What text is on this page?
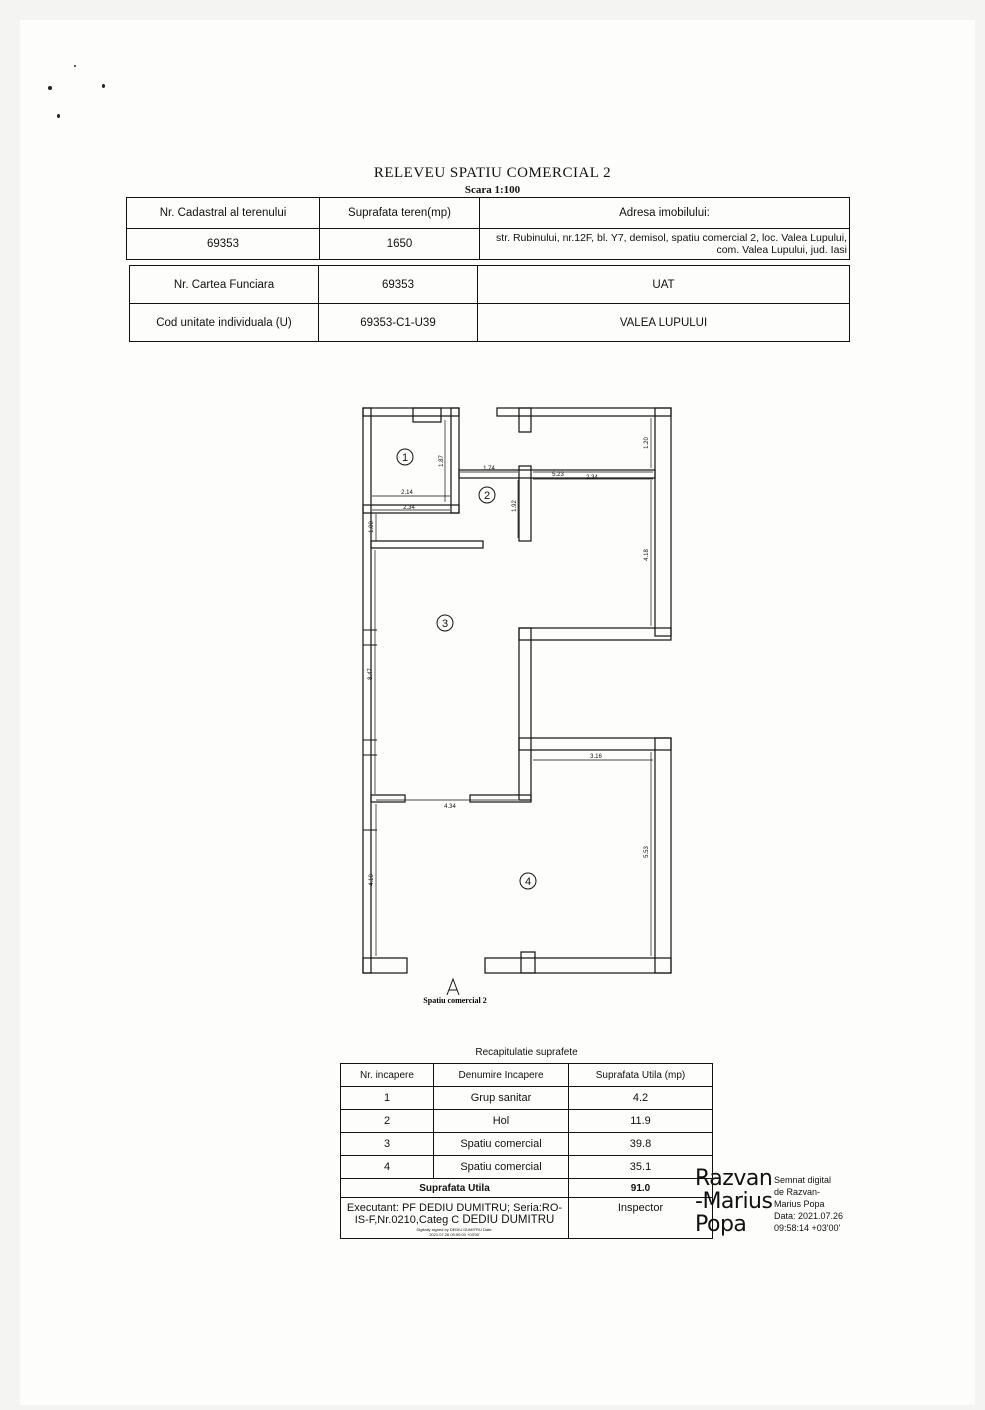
RELEVEU SPATIU COMERCIAL 2
Scara 1:100
Nr. Cadastral al terenului	Suprafata teren(mp)	Adresa imobilului:
69353	1650	str. Rubinului, nr.12F, bl. Y7, demisol, spatiu comercial 2, loc. Valea Lupului, com. Valea Lupului, jud. Iasi
Nr. Cartea Funciara	69353	UAT
Cod unitate individuala (U)	69353-C1-U39	VALEA LUPULUI
1
2
3
4
1.87
2.14
2.34
1.00
1.74
5.23	2.34
1.20
1.92
4.18
8.47
4.34
3.16
5.53
4.10
Spatiu comercial 2
Recapitulatie suprafete
Nr. incapere	Denumire Incapere	Suprafata Utila (mp)
1	Grup sanitar	4.2
2	Hol	11.9
3	Spatiu comercial	39.8
4	Spatiu comercial	35.1
Suprafata Utila		91.0
Executant: PF DEDIU DUMITRU; Seria:RO-IS-F,Nr.0210,Categ C DEDIU DUMITRU Digitally signed by DEDIU DUMITRU Date: 2021.07.26 09:50:03 +03'00'		Inspector
Razvan
-Marius
Popa
Semnat digital
de Razvan-
Marius Popa
Data: 2021.07.26
09:58:14 +03'00'
